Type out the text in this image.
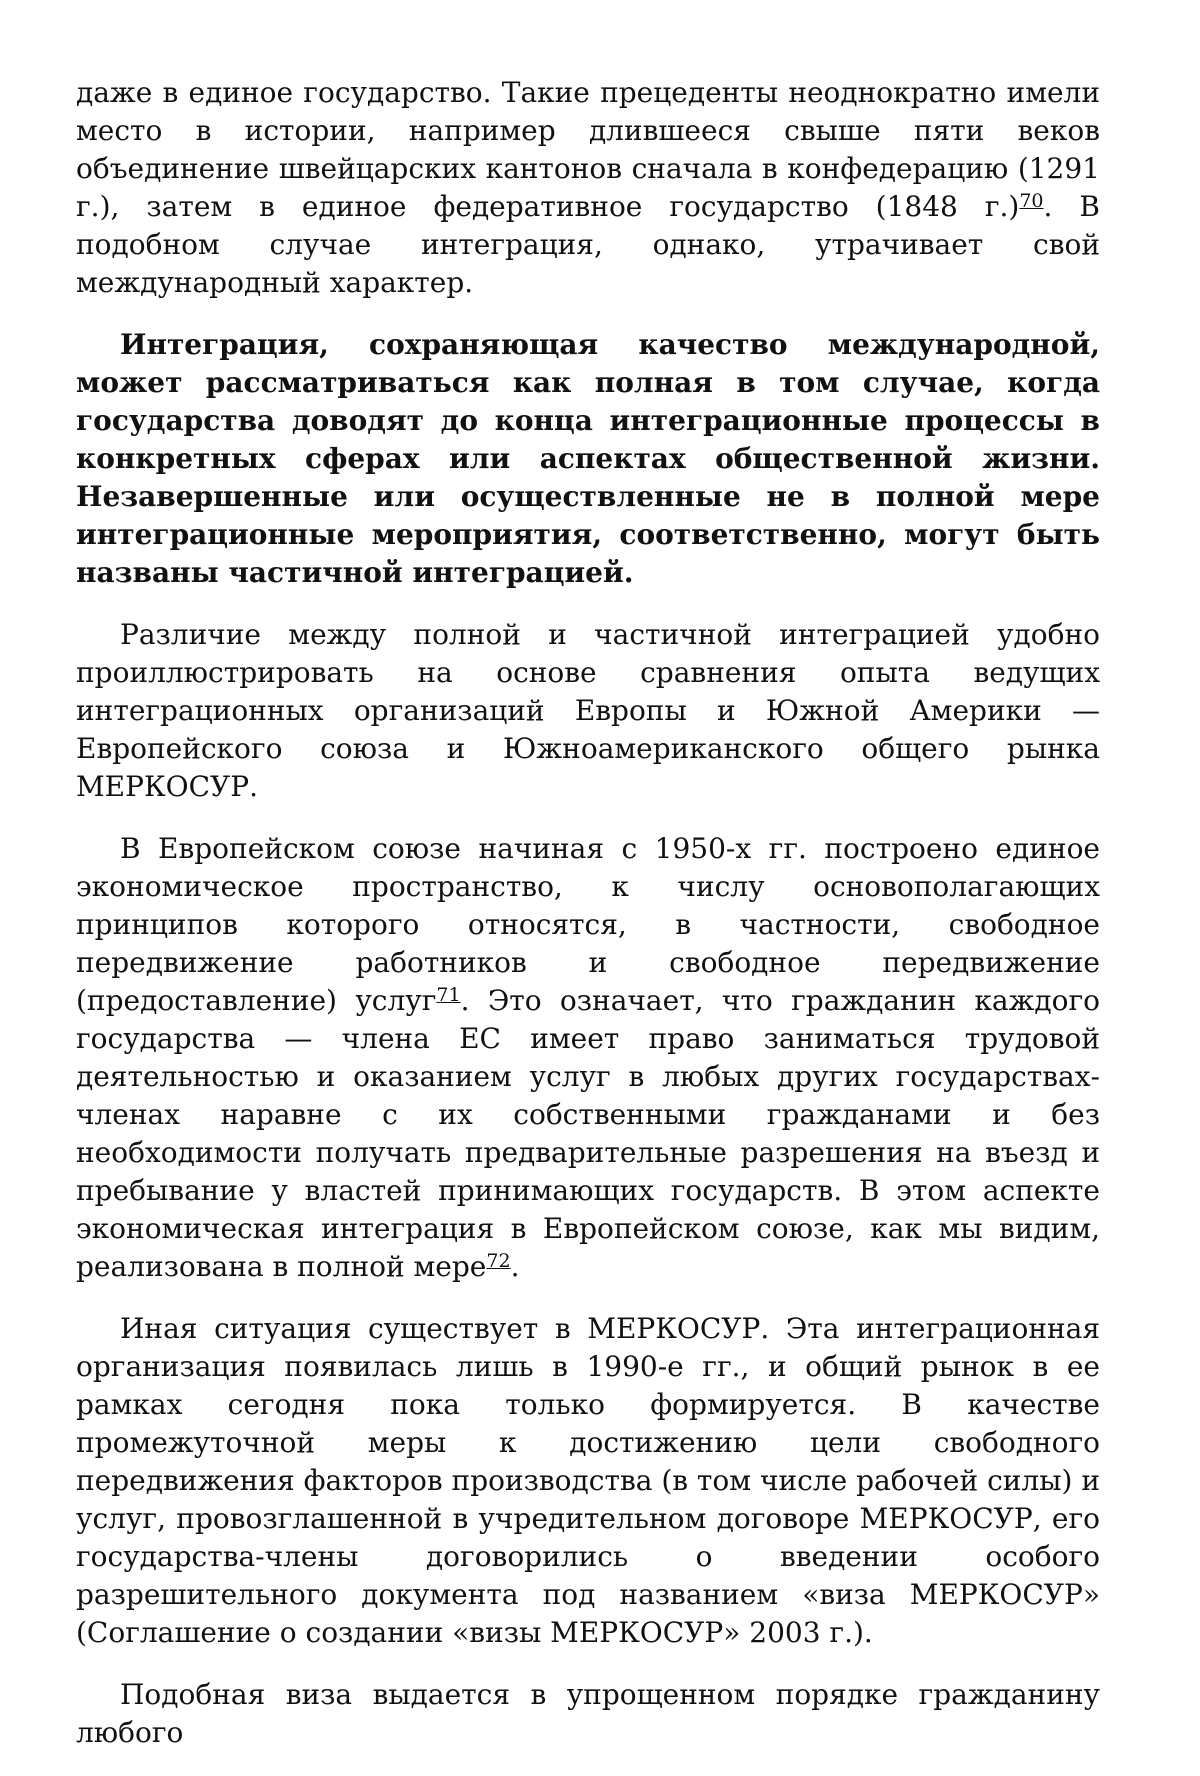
даже в единое государство. Такие прецеденты неоднократно имели место в истории, например длившееся свыше пяти веков объединение швейцарских кантонов сначала в конфедерацию (1291 г.), затем в единое федеративное государство (1848 г.)$^{70}$. В подобном случае интеграция, однако, утрачивает свой международный характер.

Интеграция, сохраняющая качество международной, может рассматриваться как полная в том случае, когда государства доводят до конца интеграционные процессы в конкретных сферах или аспектах общественной жизни. Незавершенные или осуществленные не в полной мере интеграционные мероприятия, соответственно, могут быть названы частичной интеграцией.

Различие между полной и частичной интеграцией удобно проиллюстрировать на основе сравнения опыта ведущих интеграционных организаций Европы и Южной Америки — Европейского союза и Южноамериканского общего рынка МЕРКОСУР.

В Европейском союзе начиная с 1950-х гг. построено единое экономическое пространство, к числу основополагающих принципов которого относятся, в частности, свободное передвижение работников и свободное передвижение (предоставление) услуг$^{71}$. Это означает, что гражданин каждого государства — члена ЕС имеет право заниматься трудовой деятельностью и оказанием услуг в любых других государствах-членах наравне с их собственными гражданами и без необходимости получать предварительные разрешения на въезд и пребывание у властей принимающих государств. В этом аспекте экономическая интеграция в Европейском союзе, как мы видим, реализована в полной мере$^{72}$.

Иная ситуация существует в МЕРКОСУР. Эта интеграционная организация появилась лишь в 1990-е гг., и общий рынок в ее рамках сегодня пока только формируется. В качестве промежуточной меры к достижению цели свободного передвижения факторов производства (в том числе рабочей силы) и услуг, провозглашенной в учредительном договоре МЕРКОСУР, его государства-члены договорились о введении особого разрешительного документа под названием «виза МЕРКОСУР» (Соглашение о создании «визы МЕРКОСУР» 2003 г.).

Подобная виза выдается в упрощенном порядке гражданину любого
